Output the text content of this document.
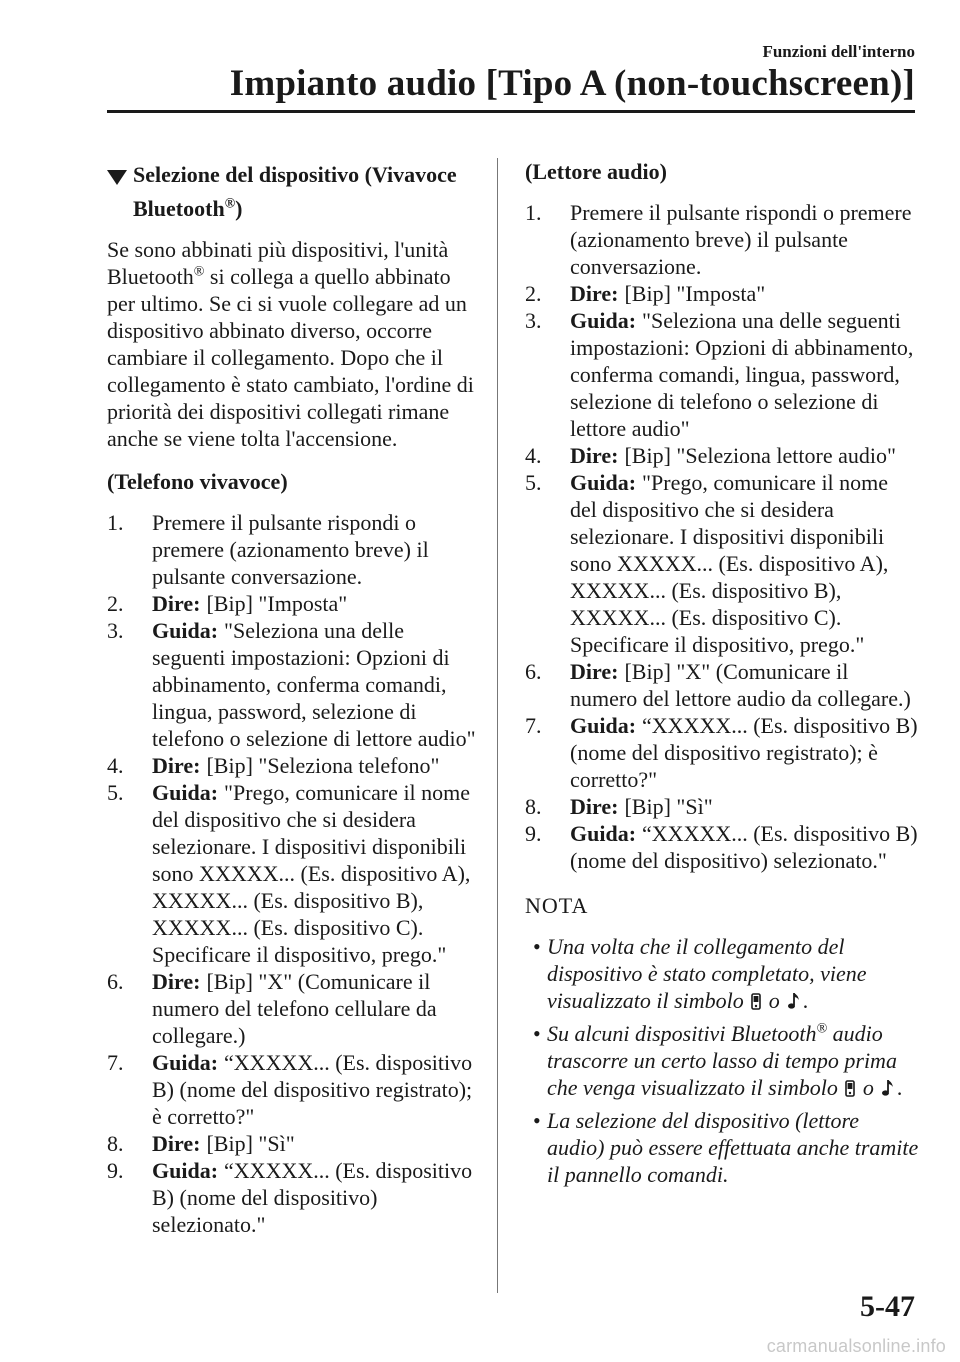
Funzioni dell'interno
Impianto audio [Tipo A (non-touchscreen)]
Selezione del dispositivo (Vivavoce
Bluetooth®)

Se sono abbinati più dispositivi, l'unità Bluetooth® si collega a quello abbinato per ultimo. Se ci si vuole collegare ad un dispositivo abbinato diverso, occorre cambiare il collegamento. Dopo che il collegamento è stato cambiato, l'ordine di priorità dei dispositivi collegati rimane anche se viene tolta l'accensione.

(Telefono vivavoce)

1. Premere il pulsante rispondi o premere (azionamento breve) il pulsante conversazione.
2. Dire: [Bip] "Imposta"
3. Guida: "Seleziona una delle seguenti impostazioni: Opzioni di abbinamento, conferma comandi, lingua, password, selezione di telefono o selezione di lettore audio"
4. Dire: [Bip] "Seleziona telefono"
5. Guida: "Prego, comunicare il nome del dispositivo che si desidera selezionare. I dispositivi disponibili sono XXXXX... (Es. dispositivo A), XXXXX... (Es. dispositivo B), XXXXX... (Es. dispositivo C). Specificare il dispositivo, prego."
6. Dire: [Bip] "X" (Comunicare il numero del telefono cellulare da collegare.)
7. Guida: “XXXXX... (Es. dispositivo B) (nome del dispositivo registrato); è corretto?"
8. Dire: [Bip] "Sì"
9. Guida: “XXXXX... (Es. dispositivo B) (nome del dispositivo) selezionato."

(Lettore audio)

1. Premere il pulsante rispondi o premere (azionamento breve) il pulsante conversazione.
2. Dire: [Bip] "Imposta"
3. Guida: "Seleziona una delle seguenti impostazioni: Opzioni di abbinamento, conferma comandi, lingua, password, selezione di telefono o selezione di lettore audio"
4. Dire: [Bip] "Seleziona lettore audio"
5. Guida: "Prego, comunicare il nome del dispositivo che si desidera selezionare. I dispositivi disponibili sono XXXXX... (Es. dispositivo A), XXXXX... (Es. dispositivo B), XXXXX... (Es. dispositivo C). Specificare il dispositivo, prego."
6. Dire: [Bip] "X" (Comunicare il numero del lettore audio da collegare.)
7. Guida: “XXXXX... (Es. dispositivo B) (nome del dispositivo registrato); è corretto?"
8. Dire: [Bip] "Sì"
9. Guida: “XXXXX... (Es. dispositivo B) (nome del dispositivo) selezionato."
NOTA
• Una volta che il collegamento del dispositivo è stato completato, viene visualizzato il simbolo o .
• Su alcuni dispositivi Bluetooth® audio trascorre un certo lasso di tempo prima che venga visualizzato il simbolo o .
• La selezione del dispositivo (lettore audio) può essere effettuata anche tramite il pannello comandi.
5-47
carmanualsonline.info
